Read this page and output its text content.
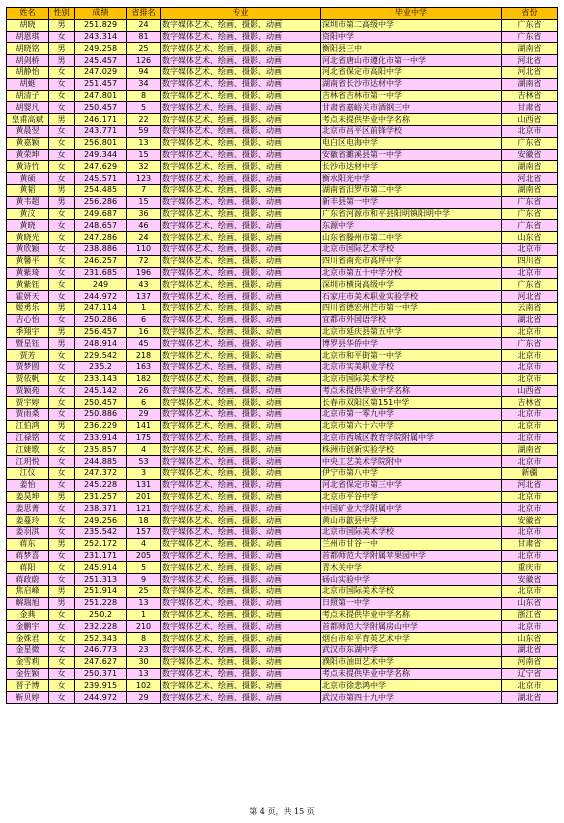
姓名	性别	成绩	省排名	专业	毕业中学	省份
胡晓	男	251.829	24	数字媒体艺术、绘画、摄影、动画	深圳市第二高级中学	广东省
胡恩琪	女	243.314	81	数字媒体艺术、绘画、摄影、动画	资阳中学	广东省
胡晓铭	男	249.258	25	数字媒体艺术、绘画、摄影、动画	衡阳县三中	湖南省
胡剑桥	男	245.457	126	数字媒体艺术、绘画、摄影、动画	河北省唐山市遵化市第一中学	河北省
胡静怡	女	247.029	94	数字媒体艺术、绘画、摄影、动画	河北省保定市高阳中学	河北省
胡蜓	女	251.457	34	数字媒体艺术、绘画、摄影、动画	湖南省长沙市达材中学	湖南省
胡清子	女	247.801	8	数字媒体艺术、绘画、摄影、动画	吉林省吉林市第一中学	吉林省
胡婴凡	女	250.457	5	数字媒体艺术、绘画、摄影、动画	甘肃省嘉峪关市酒钢三中	甘肃省
皇甫高斌	男	246.171	22	数字媒体艺术、绘画、摄影、动画	考点未提供毕业中学名称	山西省
黄晨翌	女	243.771	59	数字媒体艺术、绘画、摄影、动画	北京市昌平区前锋学校	北京市
黄嘉颖	女	256.801	13	数字媒体艺术、绘画、摄影、动画	电白区电海中学	广东省
黄荣坤	女	249.344	15	数字媒体艺术、绘画、摄影、动画	安徽省濉溪县第一中学	安徽省
黄诗竹	女	247.629	32	数字媒体艺术、绘画、摄影、动画	长沙市达材中学	湖南省
黄硕	女	245.571	123	数字媒体艺术、绘画、摄影、动画	衡水阳光中学	河北省
黄韬	男	254.485	7	数字媒体艺术、绘画、摄影、动画	湖南省汨罗市第二中学	湖南省
黄韦超	男	256.286	15	数字媒体艺术、绘画、摄影、动画	新丰县第一中学	广东省
黄汶	女	249.687	36	数字媒体艺术、绘画、摄影、动画	广东省河源市和平县阳明镇阳明中学	广东省
黄晓	女	248.657	46	数字媒体艺术、绘画、摄影、动画	东源中学	广东省
黄晓光	女	247.286	24	数字媒体艺术、绘画、摄影、动画	山东省滕州市第二中学	山东省
黄欣颖	女	238.886	110	数字媒体艺术、绘画、摄影、动画	北京市国际艺术学校	北京市
黄馨平	女	246.257	72	数字媒体艺术、绘画、摄影、动画	四川省南充市高坪中学	四川省
黄紫琦	女	231.685	196	数字媒体艺术、绘画、摄影、动画	北京市第五十中学分校	北京市
黄紫钰	女	249	43	数字媒体艺术、绘画、摄影、动画	深圳市横岗高级中学	广东省
霍妍天	女	244.972	137	数字媒体艺术、绘画、摄影、动画	石家庄市美术职业实验学校	河北省
姬勇乐	男	247.114	1	数字媒体艺术、绘画、摄影、动画	四川省德宏州芒市第一中学	云南省
吉心怡	女	250.286	6	数字媒体艺术、绘画、摄影、动画	宜都市外国语学校	湖北省
季翔宇	男	256.457	16	数字媒体艺术、绘画、摄影、动画	北京市延庆县第五中学	北京市
暨星钰	男	248.914	45	数字媒体艺术、绘画、摄影、动画	博罗县华侨中学	广东省
贾芳	女	229.542	218	数字媒体艺术、绘画、摄影、动画	北京市和平街第一中学	北京市
贾梦圆	女	235.2	163	数字媒体艺术、绘画、摄影、动画	北京市实美职业学校	北京市
贾依帆	女	233.143	182	数字媒体艺术、绘画、摄影、动画	北京市国际美术学校	北京市
贾颖苑	女	245.142	26	数字媒体艺术、绘画、摄影、动画	考点未提供毕业中学名称	山西省
贾宇婷	女	250.457	6	数字媒体艺术、绘画、摄影、动画	长春市双阳区第151中学	吉林省
贾雨桑	女	250.886	29	数字媒体艺术、绘画、摄影、动画	北京市第一零九中学	北京市
江伯鸿	男	236.229	141	数字媒体艺术、绘画、摄影、动画	北京市第六十六中学	北京市
江禄铭	女	233.914	175	数字媒体艺术、绘画、摄影、动画	北京市西城区教育学院附属中学	北京市
江婕歌	女	235.857	4	数字媒体艺术、绘画、摄影、动画	株洲市创新实验学校	湖南省
江玥悦	女	244.885	53	数字媒体艺术、绘画、摄影、动画	中央工艺美术学院附中	北京市
江仪	女	247.372	3	数字媒体艺术、绘画、摄影、动画	伊宁市第八中学	新疆
姜怡	女	245.228	131	数字媒体艺术、绘画、摄影、动画	河北省保定市第三中学	河北省
姜昊坤	男	231.257	201	数字媒体艺术、绘画、摄影、动画	北京市平谷中学	北京市
姜思菁	女	238.371	121	数字媒体艺术、绘画、摄影、动画	中国矿业大学附属中学	北京市
姜蔓玲	女	249.256	18	数字媒体艺术、绘画、摄影、动画	黄山市歙县中学	安徽省
姜羽淇	女	235.542	157	数字媒体艺术、绘画、摄影、动画	北京市国际美术学校	北京市
蒋东	男	252.172	4	数字媒体艺术、绘画、摄影、动画	兰州市甘谷一中	甘肃省
蒋梦喜	女	231.171	205	数字媒体艺术、绘画、摄影、动画	首都师范大学附属苹果园中学	北京市
蒋阳	女	245.914	5	数字媒体艺术、绘画、摄影、动画	青木关中学	重庆市
蒋政蔚	女	251.313	9	数字媒体艺术、绘画、摄影、动画	砀山实验中学	安徽省
焦启峰	男	251.914	25	数字媒体艺术、绘画、摄影、动画	北京市国际美术学校	北京市
解瑞旭	男	251.228	13	数字媒体艺术、绘画、摄影、动画	日照第一中学	山东省
金典	女	250.2	1	数字媒体艺术、绘画、摄影、动画	考点未提供毕业中学名称	浙江省
金鹏宇	女	232.228	210	数字媒体艺术、绘画、摄影、动画	首都师范大学附属房山中学	北京市
金姝君	女	252.343	8	数字媒体艺术、绘画、摄影、动画	烟台市牟平育英艺术中学	山东省
金星微	女	246.773	23	数字媒体艺术、绘画、摄影、动画	武汉市东湖中学	湖北省
金雪莉	女	247.627	30	数字媒体艺术、绘画、摄影、动画	濮阳市油田艺术中学	河南省
金佐颖	女	250.371	13	数字媒体艺术、绘画、摄影、动画	考点未提供毕业中学名称	辽宁省
晋子博	女	239.915	102	数字媒体艺术、绘画、摄影、动画	北京市徐悲鸿中学	北京市
靳贝婷	女	244.972	29	数字媒体艺术、绘画、摄影、动画	武汉市第四十九中学	湖北省
第 4 页，共 15 页
